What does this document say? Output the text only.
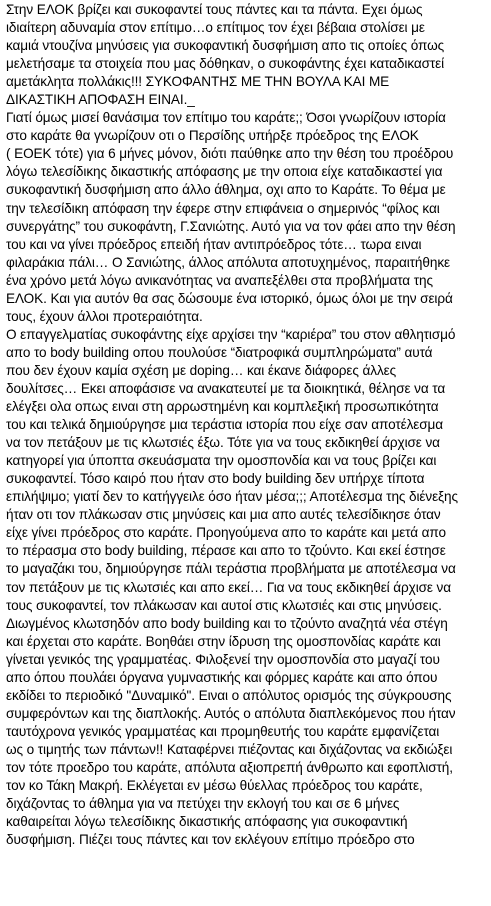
Στην ΕΛΟΚ βρίζει και συκοφαντεί τους πάντες και τα πάντα. Εχει όμως
ιδιαίτερη αδυναμία στον επίτιμο…ο επίτιμος τον έχει βέβαια στολίσει με
καμιά ντουζίνα μηνύσεις για συκοφαντική δυσφήμιση απο τις οποίες όπως
μελετήσαμε τα στοιχεία που μας δόθηκαν, ο συκοφάντης έχει καταδικαστεί
αμετάκλητα πολλάκις!!! ΣΥΚΟΦΑΝΤΗΣ ΜΕ ΤΗΝ ΒΟΥΛΑ ΚΑΙ ΜΕ
ΔΙΚΑΣΤΙΚΗ ΑΠΟΦΑΣΗ ΕΙΝΑΙ._
Γιατί όμως μισεί θανάσιμα τον επίτιμο του καράτε;; Όσοι γνωρίζουν ιστορία
στο καράτε θα γνωρίζουν οτι ο Περσίδης υπήρξε πρόεδρος της ΕΛΟΚ
( ΕΟΕΚ τότε) για 6 μήνες μόνον, διότι παύθηκε απο την θέση του προέδρου
λόγω τελεσίδικης δικαστικής απόφασης με την οποια είχε καταδικαστεί για
συκοφαντική δυσφήμιση απο άλλο άθλημα, οχι απο το Καράτε. Το θέμα με
την τελεσίδικη απόφαση την έφερε στην επιφάνεια ο σημερινός “φίλος και
συνεργάτης” του συκοφάντη, Γ.Σανιώτης. Αυτό για να τον φάει απο την θέση
του και να γίνει πρόεδρος επειδή ήταν αντιπρόεδρος τότε… τωρα ειναι
φιλαράκια πάλι… Ο Σανιώτης, άλλος απόλυτα αποτυχημένος, παραιτήθηκε
ένα χρόνο μετά λόγω ανικανότητας να αναπεξέλθει στα προβλήματα της
ΕΛΟΚ. Και για αυτόν θα σας δώσουμε ένα ιστορικό, όμως όλοι με την σειρά
τους, έχουν άλλοι προτεραιότητα.
Ο επαγγελματίας συκοφάντης είχε αρχίσει την “καριέρα” του στον αθλητισμό
απο το body building οπου πουλούσε “διατροφικά συμπληρώματα” αυτά
που δεν έχουν καμία σχέση με doping… και έκανε διάφορες άλλες
δουλίτσες… Εκει αποφάσισε να ανακατευτεί με τα διοικητικά, θέλησε να τα
ελέγξει ολα οπως ειναι στη αρρωστημένη και κομπλεξική προσωπικότητα
του και τελικά δημιούργησε μια τεράστια ιστορία που είχε σαν αποτέλεσμα
να τον πετάξουν με τις κλωτσιές έξω. Τότε για να τους εκδικηθεί άρχισε να
κατηγορεί για ύποπτα σκευάσματα την ομοσπονδία και να τους βρίζει και
συκοφαντεί. Τόσο καιρό που ήταν στο body building δεν υπήρχε τίποτα
επιλήψιμο; γιατί δεν το κατήγγειλε όσο ήταν μέσα;;; Αποτέλεσμα της διένεξης
ήταν οτι τον πλάκωσαν στις μηνύσεις και μια απο αυτές τελεσίδικησε όταν
είχε γίνει πρόεδρος στο καράτε. Προηγούμενα απο το καράτε και μετά απο
το πέρασμα στο body building, πέρασε και απο το τζούντο. Και εκεί έστησε
το μαγαζάκι του, δημιούργησε πάλι τεράστια προβλήματα με αποτέλεσμα να
τον πετάξουν με τις κλωτσιές και απο εκεί… Για να τους εκδικηθεί άρχισε να
τους συκοφαντεί, τον πλάκωσαν και αυτοί στις κλωτσιές και στις μηνύσεις.
Διωγμένος κλωτσηδόν απο body building και το τζούντο αναζητά νέα στέγη
και έρχεται στο καράτε. Βοηθάει στην ίδρυση της ομοσπονδίας καράτε και
γίνεται γενικός της γραμματέας. Φιλοξενεί την ομοσπονδία στο μαγαζί του
απο όπου πουλάει όργανα γυμναστικής και φόρμες καράτε και απο όπου
εκδίδει το περιοδικό "Δυναμικό". Ειναι ο απόλυτος ορισμός της σύγκρουσης
συμφερόντων και της διαπλοκής. Αυτός ο απόλυτα διαπλεκόμενος που ήταν
ταυτόχρονα γενικός γραμματέας και προμηθευτής του καράτε εμφανίζεται
ως ο τιμητής των πάντων!! Καταφέρνει πιέζοντας και διχάζοντας να εκδιώξει
τον τότε πρoεδρο του καράτε, απόλυτα αξιοπρεπή άνθρωπο και εφοπλιστή,
τον κο Τάκη Μακρή. Εκλέγεται εν μέσω θύελλας πρόεδρος του καράτε,
διχάζοντας το άθλημα για να πετύχει την εκλογή του και σε 6 μήνες
καθαιρείται λόγω τελεσίδικης δικαστικής απόφασης για συκοφαντική
δυσφήμιση. Πιέζει τους πάντες και τον εκλέγουν επίτιμο πρόεδρο στο
